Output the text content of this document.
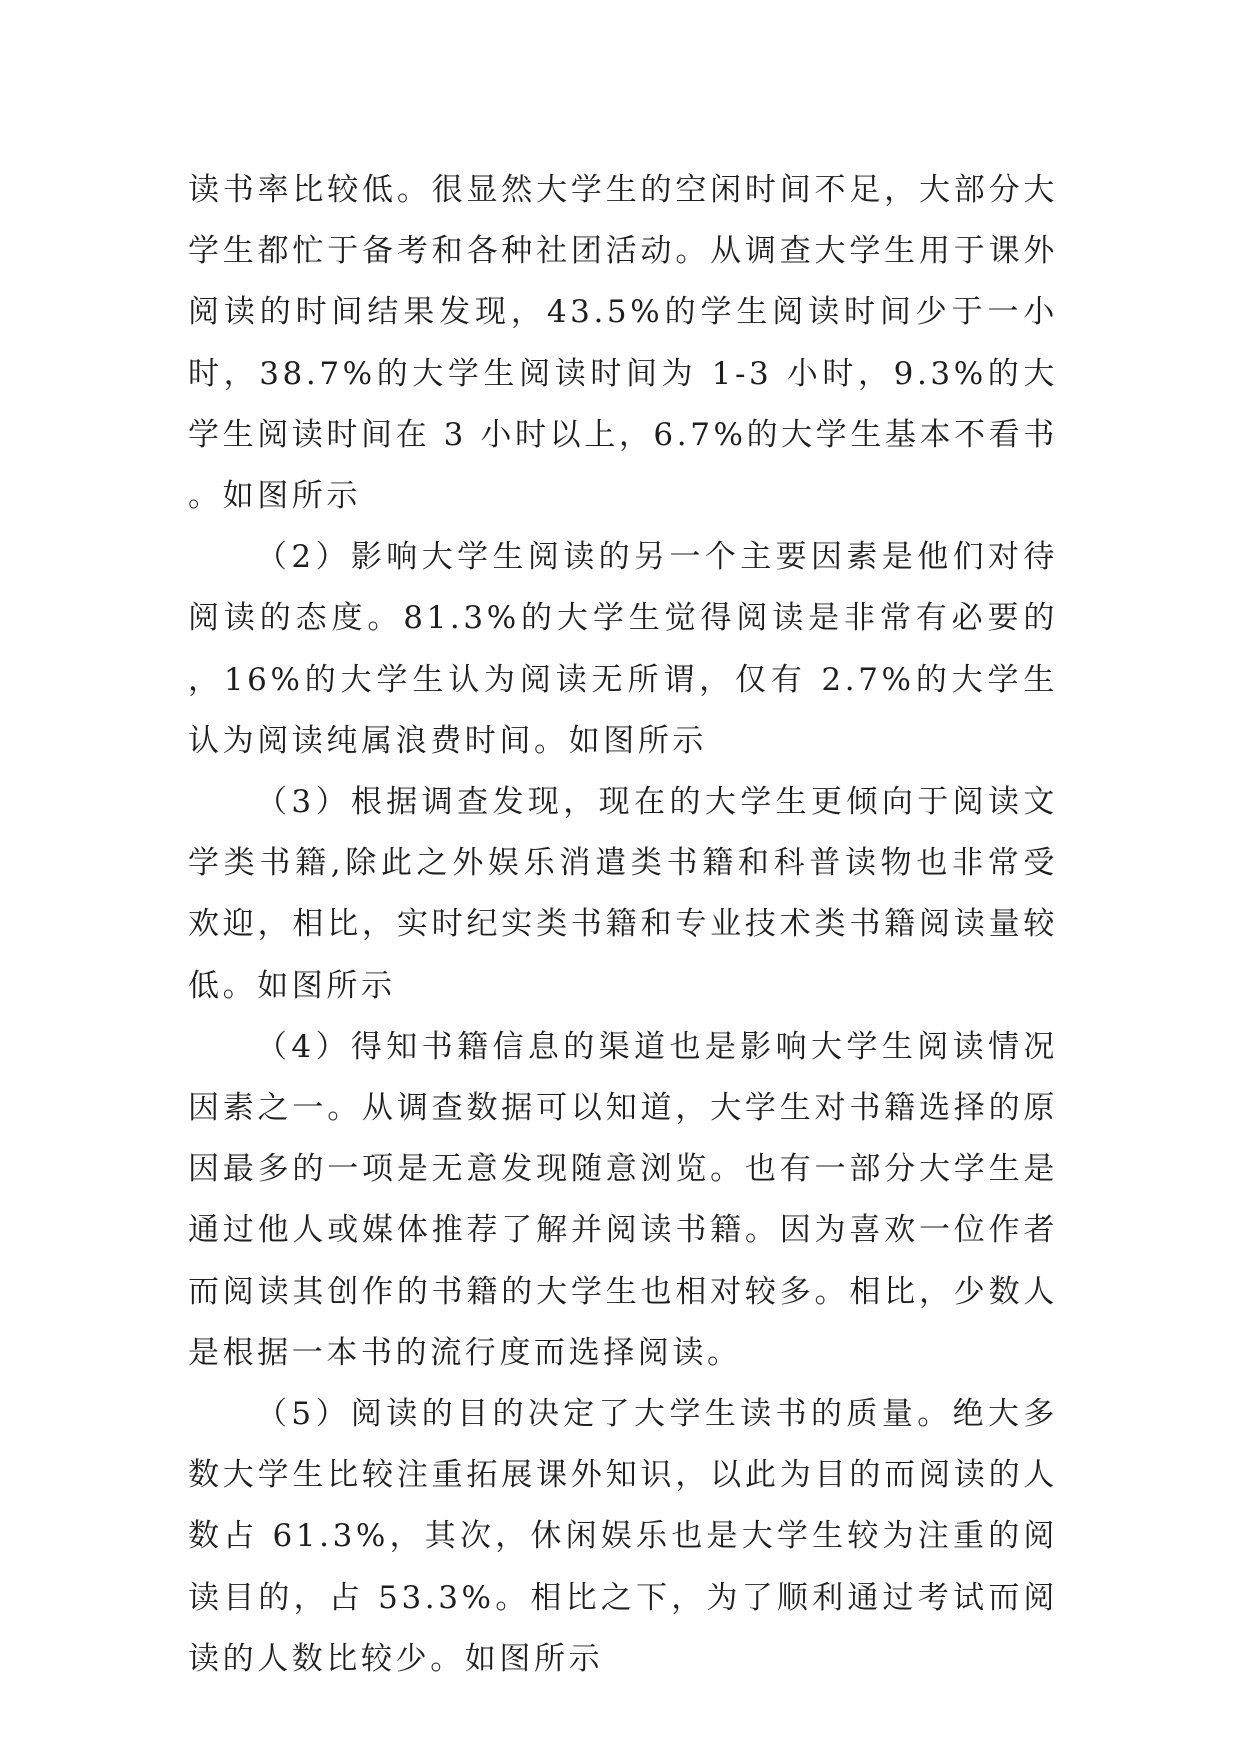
读书率比较低。很显然大学生的空闲时间不足，大部分大学生都忙于备考和各种社团活动。从调查大学生用于课外阅读的时间结果发现，43.5%的学生阅读时间少于一小时，38.7%的大学生阅读时间为 1-3 小时，9.3%的大学生阅读时间在 3 小时以上，6.7%的大学生基本不看书。如图所示

（2）影响大学生阅读的另一个主要因素是他们对待阅读的态度。81.3%的大学生觉得阅读是非常有必要的，16%的大学生认为阅读无所谓，仅有 2.7%的大学生认为阅读纯属浪费时间。如图所示

（3）根据调查发现，现在的大学生更倾向于阅读文学类书籍,除此之外娱乐消遣类书籍和科普读物也非常受欢迎，相比，实时纪实类书籍和专业技术类书籍阅读量较低。如图所示

（4）得知书籍信息的渠道也是影响大学生阅读情况因素之一。从调查数据可以知道，大学生对书籍选择的原因最多的一项是无意发现随意浏览。也有一部分大学生是通过他人或媒体推荐了解并阅读书籍。因为喜欢一位作者而阅读其创作的书籍的大学生也相对较多。相比，少数人是根据一本书的流行度而选择阅读。

（5）阅读的目的决定了大学生读书的质量。绝大多数大学生比较注重拓展课外知识，以此为目的而阅读的人数占 61.3%，其次，休闲娱乐也是大学生较为注重的阅读目的，占 53.3%。相比之下，为了顺利通过考试而阅读的人数比较少。如图所示
